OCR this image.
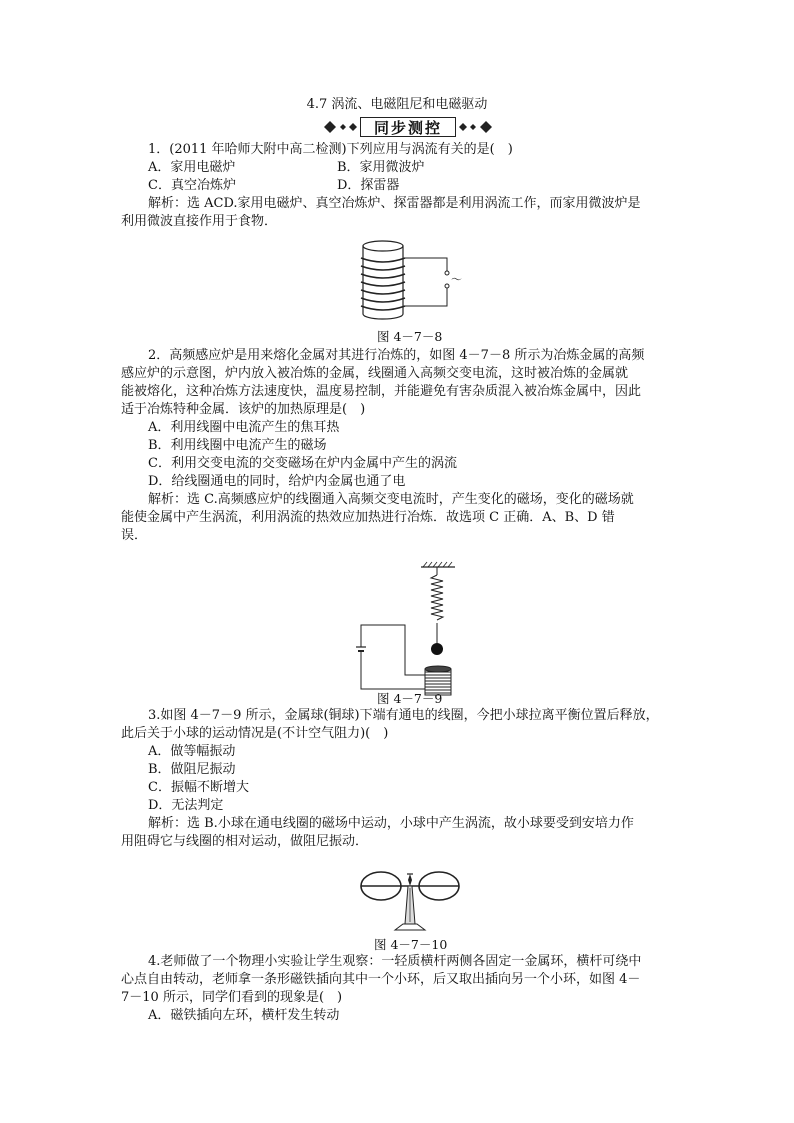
4.7 涡流、电磁阻尼和电磁驱动
同步测控
1．(2011 年哈师大附中高二检测)下列应用与涡流有关的是(　)
A．家用电磁炉	B．家用微波炉
C．真空冶炼炉	D．探雷器
解析：选 ACD.家用电磁炉、真空冶炼炉、探雷器都是利用涡流工作，而家用微波炉是
利用微波直接作用于食物．
～
图 4－7－8
2．高频感应炉是用来熔化金属对其进行冶炼的，如图 4－7－8 所示为冶炼金属的高频
感应炉的示意图，炉内放入被冶炼的金属，线圈通入高频交变电流，这时被冶炼的金属就
能被熔化，这种冶炼方法速度快，温度易控制，并能避免有害杂质混入被冶炼金属中，因此
适于冶炼特种金属．该炉的加热原理是(　)
A．利用线圈中电流产生的焦耳热
B．利用线圈中电流产生的磁场
C．利用交变电流的交变磁场在炉内金属中产生的涡流
D．给线圈通电的同时，给炉内金属也通了电
解析：选 C.高频感应炉的线圈通入高频交变电流时，产生变化的磁场，变化的磁场就
能使金属中产生涡流，利用涡流的热效应加热进行冶炼．故选项 C 正确．A、B、D 错
误．
图 4－7－9
3.如图 4－7－9 所示，金属球(铜球)下端有通电的线圈，今把小球拉离平衡位置后释放，
此后关于小球的运动情况是(不计空气阻力)(　)
A．做等幅振动
B．做阻尼振动
C．振幅不断增大
D．无法判定
解析：选 B.小球在通电线圈的磁场中运动，小球中产生涡流，故小球要受到安培力作
用阻碍它与线圈的相对运动，做阻尼振动．
图 4－7－10
4.老师做了一个物理小实验让学生观察：一轻质横杆两侧各固定一金属环，横杆可绕中
心点自由转动，老师拿一条形磁铁插向其中一个小环，后又取出插向另一个小环，如图 4－
7－10 所示，同学们看到的现象是(　)
A．磁铁插向左环，横杆发生转动
